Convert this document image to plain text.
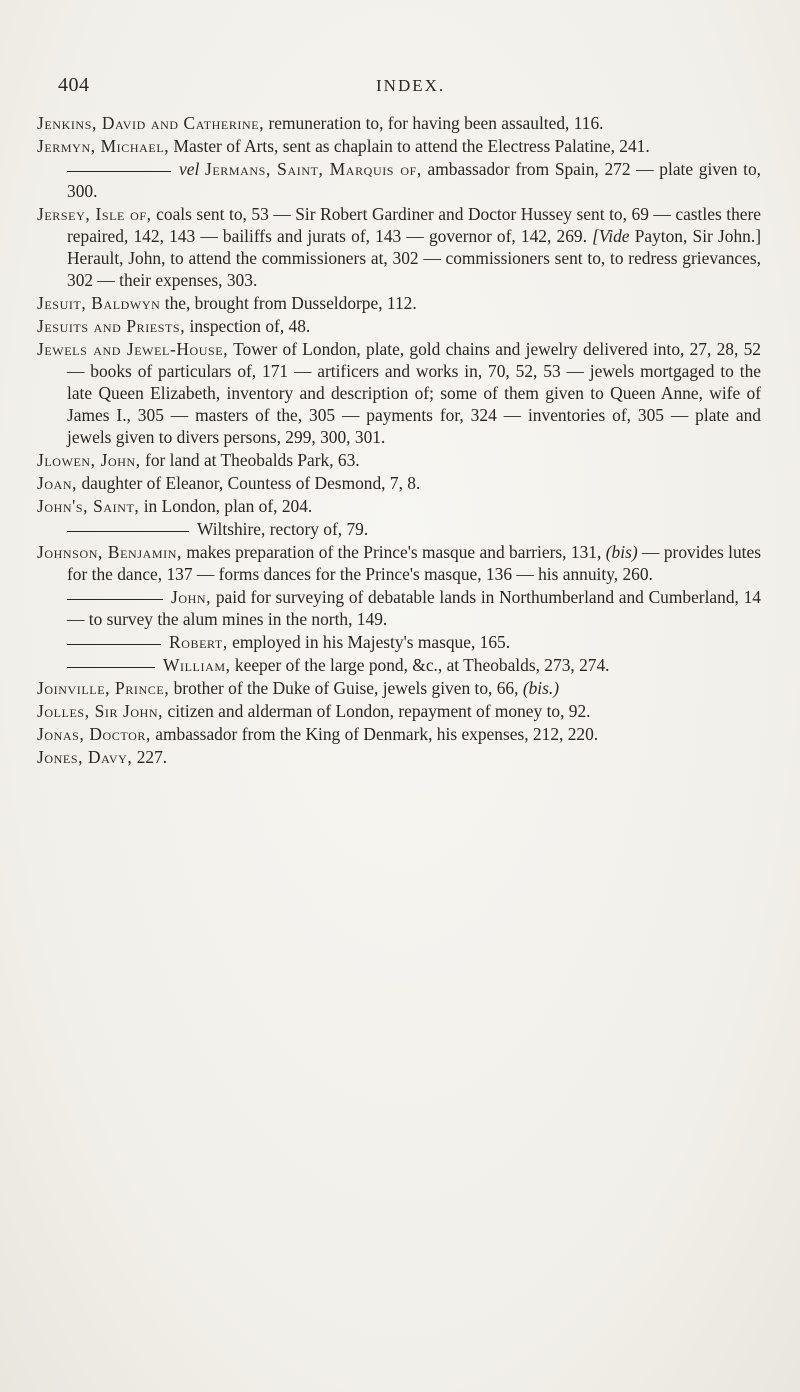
404	INDEX.

Jenkins, David and Catherine, remuneration to, for having been assaulted, 116.

Jermyn, Michael, Master of Arts, sent as chaplain to attend the Electress Palatine, 241.

vel Jermans, Saint, Marquis of, ambassador from Spain, 272 — plate given to, 300.

Jersey, Isle of, coals sent to, 53 — Sir Robert Gardiner and Doctor Hussey sent to, 69 — castles there repaired, 142, 143 — bailiffs and jurats of, 143 — governor of, 142, 269. [Vide Payton, Sir John.] Herault, John, to attend the commissioners at, 302 — commissioners sent to, to redress grievances, 302 — their expenses, 303.

Jesuit, Baldwyn the, brought from Dusseldorpe, 112.

Jesuits and Priests, inspection of, 48.

Jewels and Jewel-House, Tower of London, plate, gold chains and jewelry delivered into, 27, 28, 52 — books of particulars of, 171 — artificers and works in, 70, 52, 53 — jewels mortgaged to the late Queen Elizabeth, inventory and description of; some of them given to Queen Anne, wife of James I., 305 — masters of the, 305 — payments for, 324 — inventories of, 305 — plate and jewels given to divers persons, 299, 300, 301.

Jlowen, John, for land at Theobalds Park, 63.

Joan, daughter of Eleanor, Countess of Desmond, 7, 8.

John's, Saint, in London, plan of, 204.

Wiltshire, rectory of, 79.

Johnson, Benjamin, makes preparation of the Prince's masque and barriers, 131, (bis) — provides lutes for the dance, 137 — forms dances for the Prince's masque, 136 — his annuity, 260.

John, paid for surveying of debatable lands in Northumberland and Cumberland, 14 — to survey the alum mines in the north, 149.

Robert, employed in his Majesty's masque, 165.

William, keeper of the large pond, &c., at Theobalds, 273, 274.

Joinville, Prince, brother of the Duke of Guise, jewels given to, 66, (bis.)

Jolles, Sir John, citizen and alderman of London, repayment of money to, 92.

Jonas, Doctor, ambassador from the King of Denmark, his expenses, 212, 220.

Jones, Davy, 227.
